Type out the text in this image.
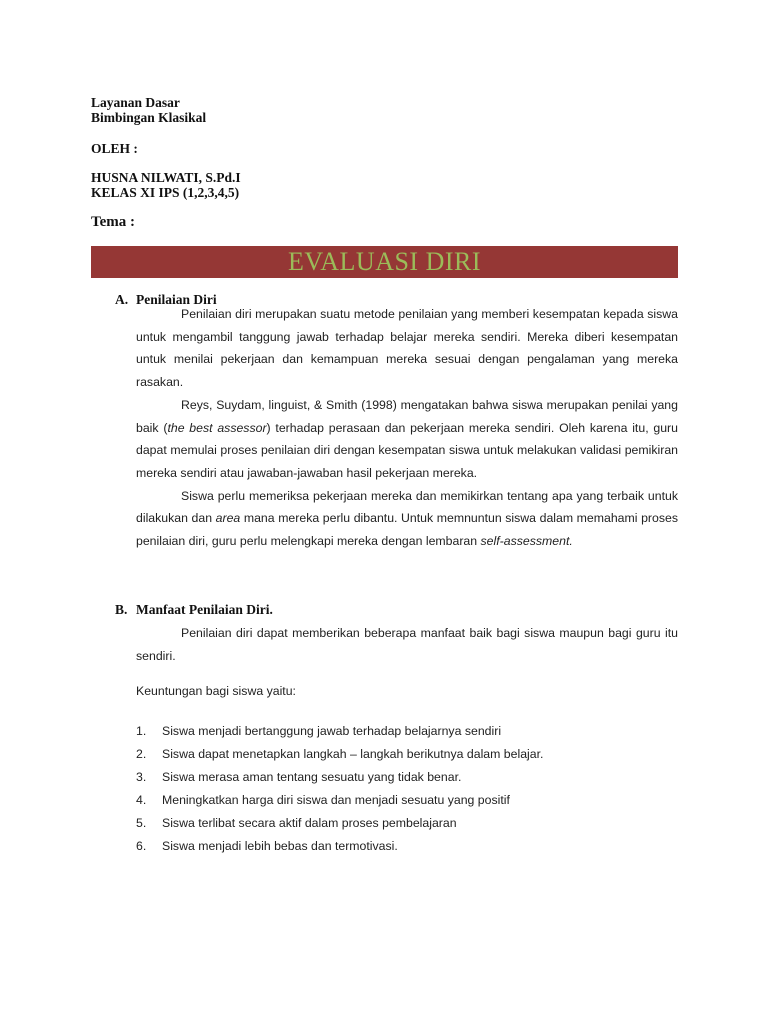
Layanan Dasar
Bimbingan Klasikal
OLEH :
HUSNA NILWATI, S.Pd.I
KELAS XI IPS (1,2,3,4,5)
Tema :
EVALUASI DIRI
A. Penilaian Diri

Penilaian diri merupakan suatu metode penilaian yang memberi kesempatan kepada siswa untuk mengambil tanggung jawab terhadap belajar mereka sendiri. Mereka diberi kesempatan untuk menilai pekerjaan dan kemampuan mereka sesuai dengan pengalaman yang mereka rasakan.

Reys, Suydam, linguist, & Smith (1998) mengatakan bahwa siswa merupakan penilai yang baik (the best assessor) terhadap perasaan dan pekerjaan mereka sendiri. Oleh karena itu, guru dapat memulai proses penilaian diri dengan kesempatan siswa untuk melakukan validasi pemikiran mereka sendiri atau jawaban-jawaban hasil pekerjaan mereka.

Siswa perlu memeriksa pekerjaan mereka dan memikirkan tentang apa yang terbaik untuk dilakukan dan area mana mereka perlu dibantu. Untuk memnuntun siswa dalam memahami proses penilaian diri, guru perlu melengkapi mereka dengan lembaran self-assessment.

B. Manfaat Penilaian Diri.

Penilaian diri dapat memberikan beberapa manfaat baik bagi siswa maupun bagi guru itu sendiri.

Keuntungan bagi siswa yaitu:
1. Siswa menjadi bertanggung jawab terhadap belajarnya sendiri
2. Siswa dapat menetapkan langkah – langkah berikutnya dalam belajar.
3. Siswa merasa aman tentang sesuatu yang tidak benar.
4. Meningkatkan harga diri siswa dan menjadi sesuatu yang positif
5. Siswa terlibat secara aktif dalam proses pembelajaran
6. Siswa menjadi lebih bebas dan termotivasi.
